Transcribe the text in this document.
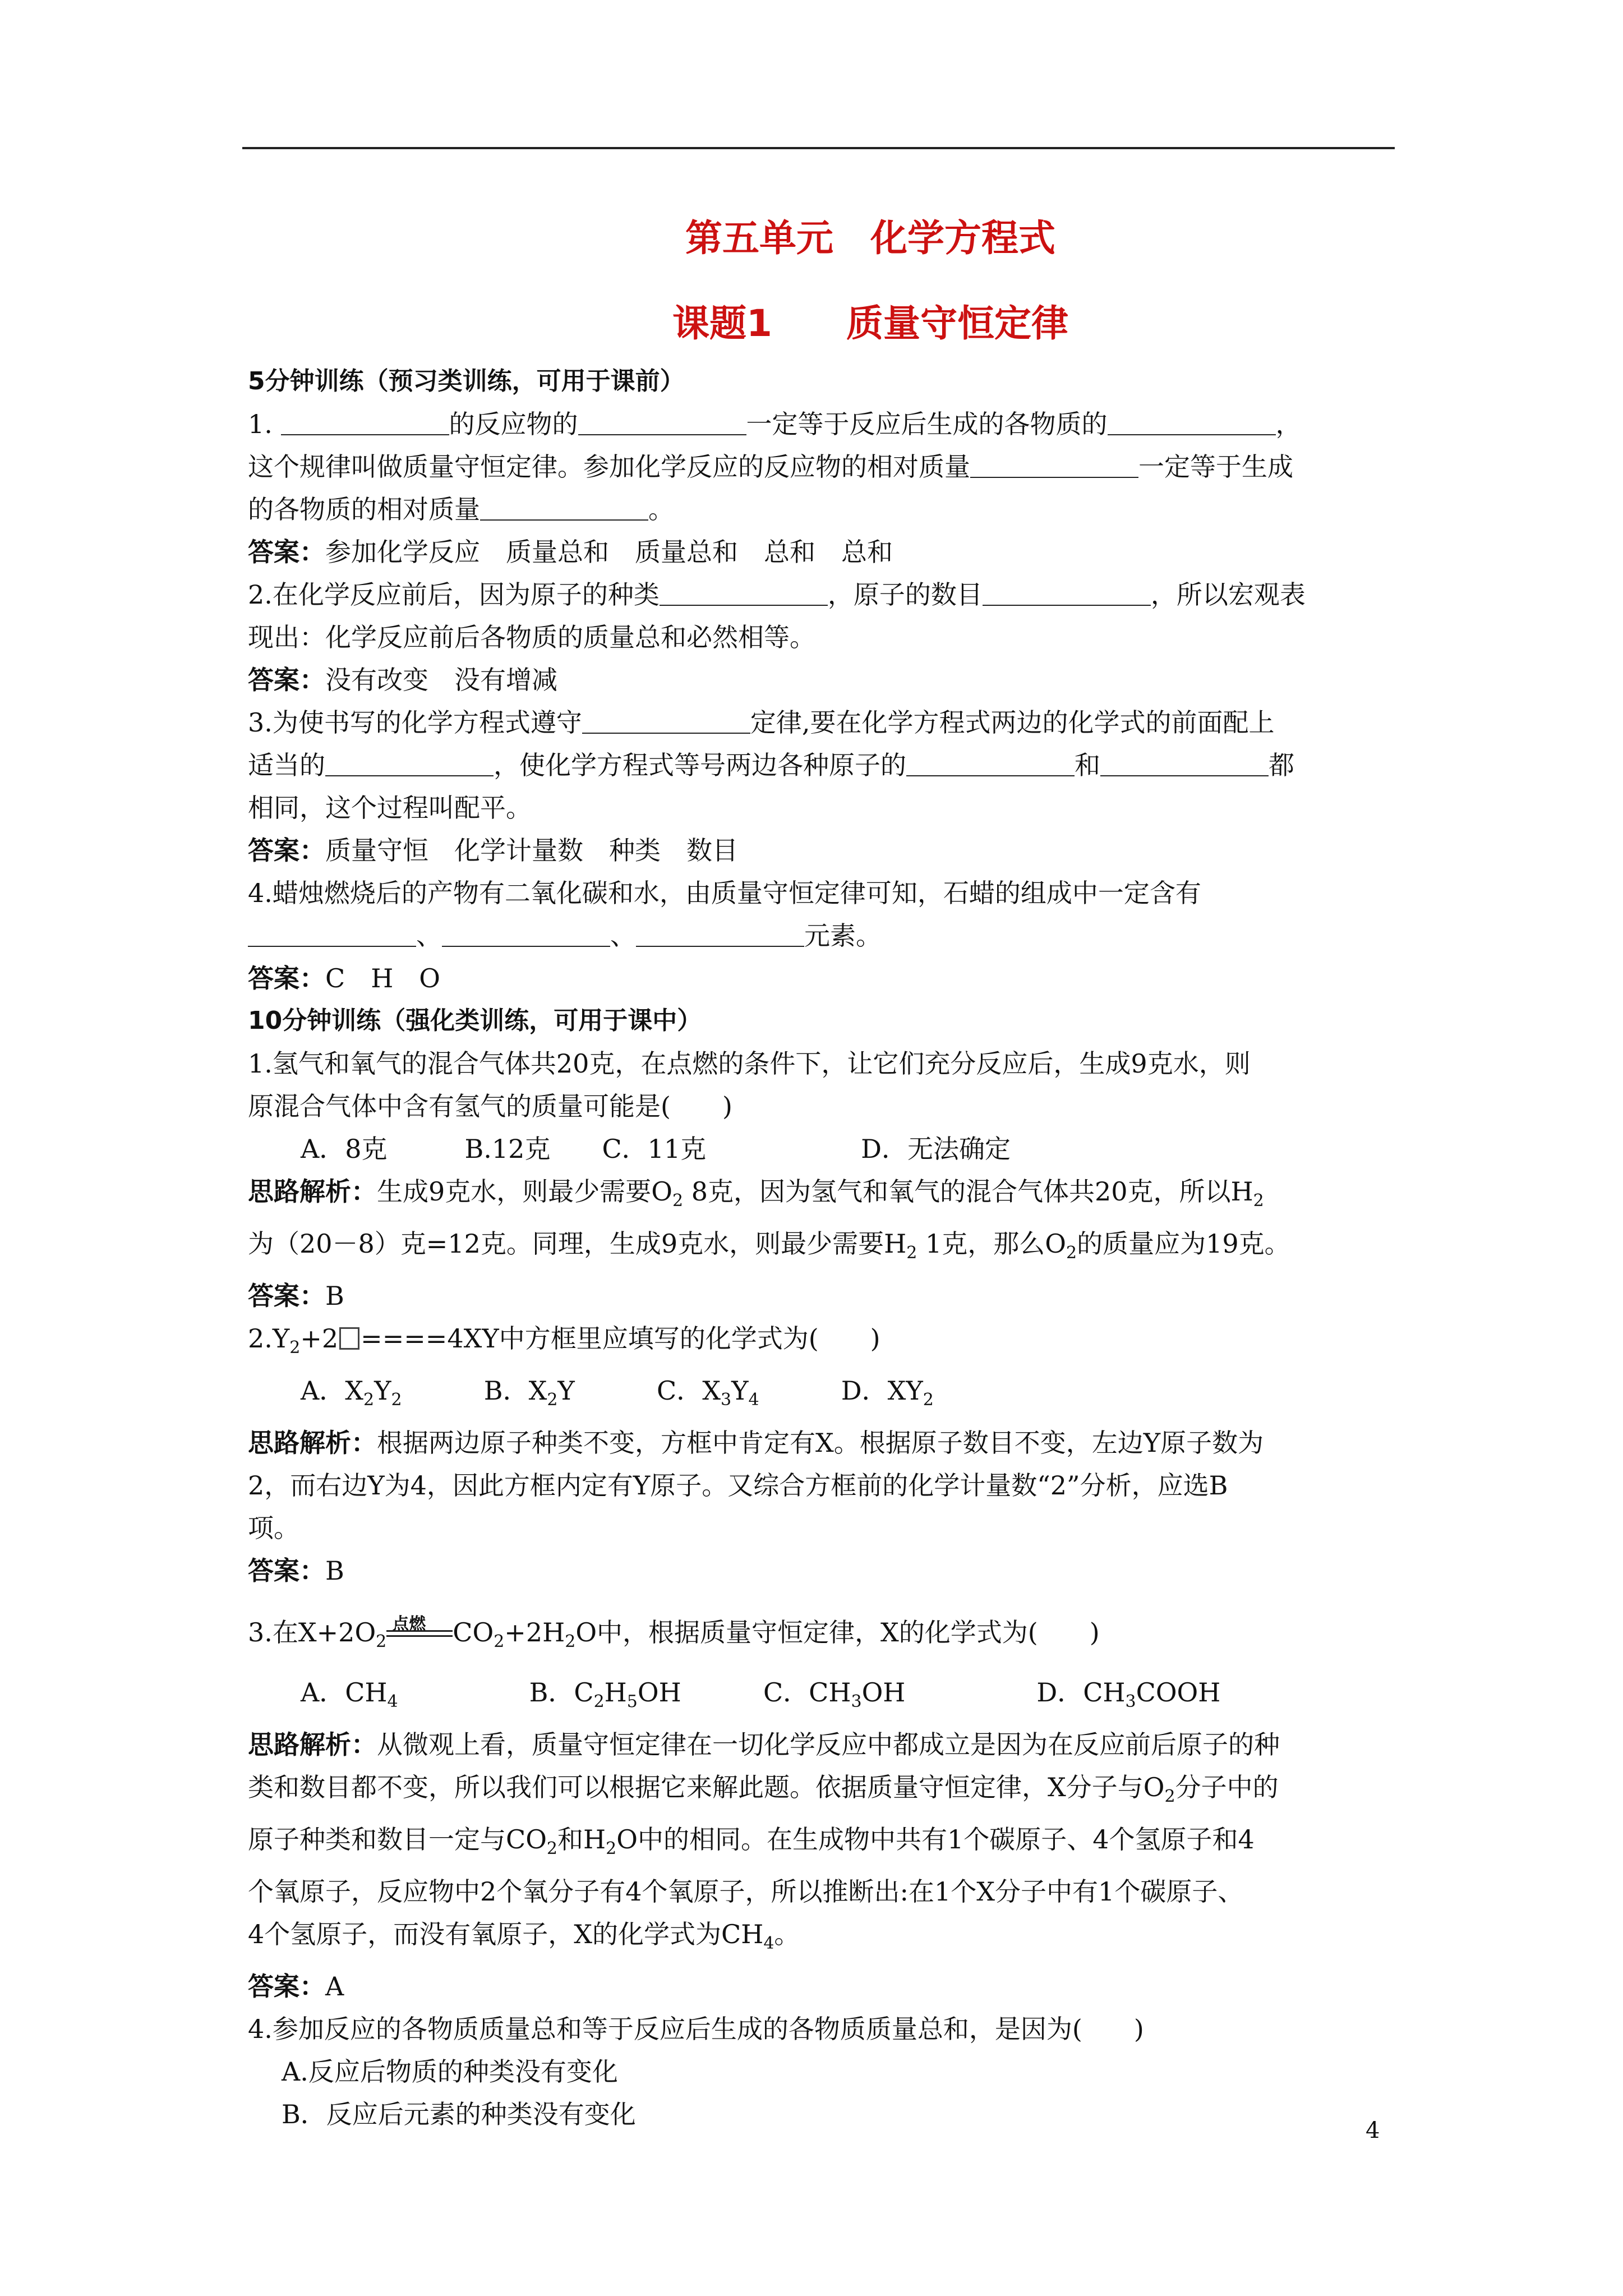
第五单元　化学方程式
课题1　　质量守恒定律
5分钟训练（预习类训练，可用于课前）

1.	的反应物的	一定等于反应后生成的各物质的	，

这个规律叫做质量守恒定律。参加化学反应的反应物的相对质量	一定等于生成

的各物质的相对质量	。

答案：参加化学反应　质量总和　质量总和　总和　总和

2.在化学反应前后，因为原子的种类	，原子的数目	，所以宏观表

现出：化学反应前后各物质的质量总和必然相等。

答案：没有改变　没有增减

3.为使书写的化学方程式遵守	定律,要在化学方程式两边的化学式的前面配上

适当的	，使化学方程式等号两边各种原子的	和	都

相同，这个过程叫配平。

答案：质量守恒　化学计量数　种类　数目

4.蜡烛燃烧后的产物有二氧化碳和水，由质量守恒定律可知，石蜡的组成中一定含有

、	、	元素。

答案：C　H　O

10分钟训练（强化类训练，可用于课中）

1.氢气和氧气的混合气体共20克，在点燃的条件下，让它们充分反应后，生成9克水，则

原混合气体中含有氢气的质量可能是(　　)

A．8克　　　B.12克　　C．11克　　　　　　D．无法确定

思路解析：生成9克水，则最少需要$O_2$ 8克，因为氢气和氧气的混合气体共20克，所以$H_2$

为（20－8）克=12克。同理，生成9克水，则最少需要$H_2$ 1克，那么$O_2$的质量应为19克。

答案：B

$2.Y_2+2 ====4XY$中方框里应填写的化学式为(　　)

A．$X_2Y_2$	B．$X_2Y$	C．$X_3Y_4$	D．$XY_2$

思路解析：根据两边原子种类不变，方框中肯定有X。根据原子数目不变，左边Y原子数为

2，而右边Y为4，因此方框内定有Y原子。又综合方框前的化学计量数“2”分析，应选B

项。

答案：B

3.在$X+2O_2$
点燃 $CO_2+2H_2O$中，根据质量守恒定律，X的化学式为(　　)

A．$CH_4$	B．$C_2H_5OH$	C．$CH_3OH$	D．$CH_3COOH$

思路解析：从微观上看，质量守恒定律在一切化学反应中都成立是因为在反应前后原子的种

类和数目都不变，所以我们可以根据它来解此题。依据质量守恒定律，X分子与$O_2$分子中的

原子种类和数目一定与$CO_2$和$H_2O$中的相同。在生成物中共有1个碳原子、4个氢原子和4

个氧原子，反应物中2个氧分子有4个氧原子，所以推断出:在1个X分子中有1个碳原子、

4个氢原子，而没有氧原子，X的化学式为$CH_4$。

答案：A

4.参加反应的各物质质量总和等于反应后生成的各物质质量总和，是因为(　　)

A.反应后物质的种类没有变化

B．反应后元素的种类没有变化

4
